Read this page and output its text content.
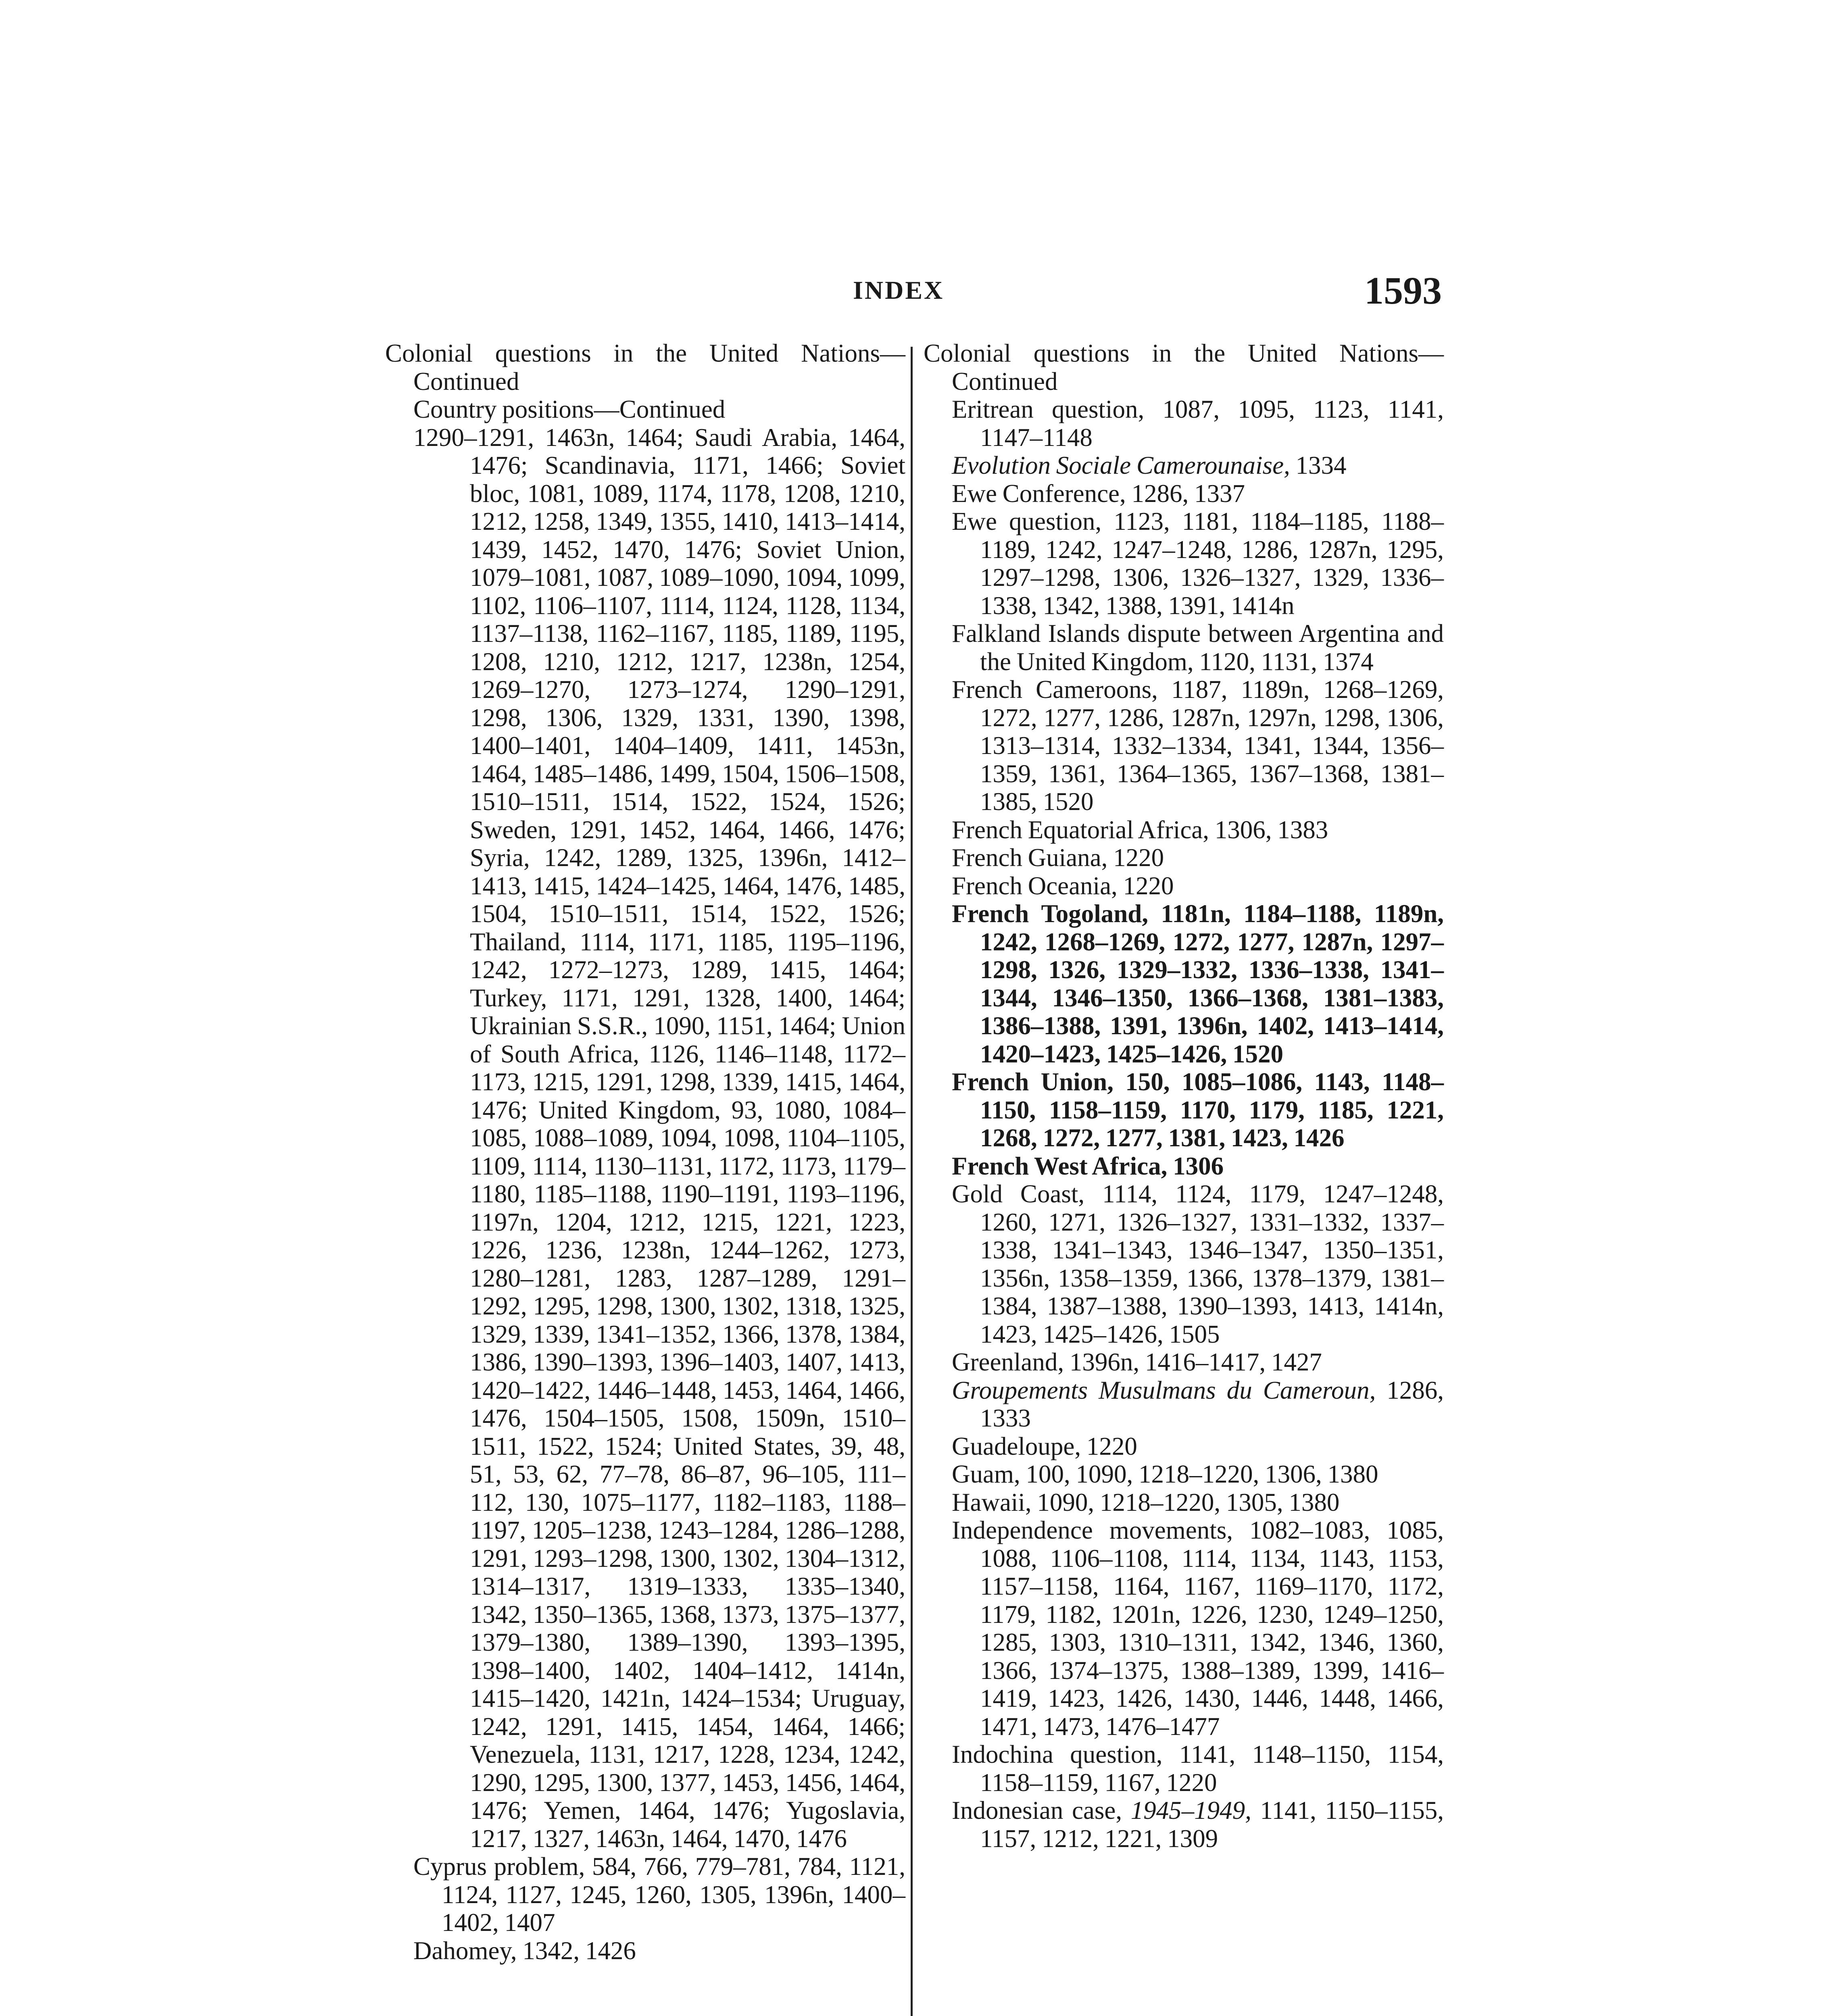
INDEX	1593

Colonial questions in the United Nations—Continued

Country positions—Continued

1290–1291, 1463n, 1464; Saudi Arabia, 1464, 1476; Scandinavia, 1171, 1466; Soviet bloc, 1081, 1089, 1174, 1178, 1208, 1210, 1212, 1258, 1349, 1355, 1410, 1413–1414, 1439, 1452, 1470, 1476; Soviet Union, 1079–1081, 1087, 1089–1090, 1094, 1099, 1102, 1106–1107, 1114, 1124, 1128, 1134, 1137–1138, 1162–1167, 1185, 1189, 1195, 1208, 1210, 1212, 1217, 1238n, 1254, 1269–1270, 1273–1274, 1290–1291, 1298, 1306, 1329, 1331, 1390, 1398, 1400–1401, 1404–1409, 1411, 1453n, 1464, 1485–1486, 1499, 1504, 1506–1508, 1510–1511, 1514, 1522, 1524, 1526; Sweden, 1291, 1452, 1464, 1466, 1476; Syria, 1242, 1289, 1325, 1396n, 1412–1413, 1415, 1424–1425, 1464, 1476, 1485, 1504, 1510–1511, 1514, 1522, 1526; Thailand, 1114, 1171, 1185, 1195–1196, 1242, 1272–1273, 1289, 1415, 1464; Turkey, 1171, 1291, 1328, 1400, 1464; Ukrainian S.S.R., 1090, 1151, 1464; Union of South Africa, 1126, 1146–1148, 1172–1173, 1215, 1291, 1298, 1339, 1415, 1464, 1476; United Kingdom, 93, 1080, 1084–1085, 1088–1089, 1094, 1098, 1104–1105, 1109, 1114, 1130–1131, 1172, 1173, 1179–1180, 1185–1188, 1190–1191, 1193–1196, 1197n, 1204, 1212, 1215, 1221, 1223, 1226, 1236, 1238n, 1244–1262, 1273, 1280–1281, 1283, 1287–1289, 1291–1292, 1295, 1298, 1300, 1302, 1318, 1325, 1329, 1339, 1341–1352, 1366, 1378, 1384, 1386, 1390–1393, 1396–1403, 1407, 1413, 1420–1422, 1446–1448, 1453, 1464, 1466, 1476, 1504–1505, 1508, 1509n, 1510–1511, 1522, 1524; United States, 39, 48, 51, 53, 62, 77–78, 86–87, 96–105, 111–112, 130, 1075–1177, 1182–1183, 1188–1197, 1205–1238, 1243–1284, 1286–1288, 1291, 1293–1298, 1300, 1302, 1304–1312, 1314–1317, 1319–1333, 1335–1340, 1342, 1350–1365, 1368, 1373, 1375–1377, 1379–1380, 1389–1390, 1393–1395, 1398–1400, 1402, 1404–1412, 1414n, 1415–1420, 1421n, 1424–1534; Uruguay, 1242, 1291, 1415, 1454, 1464, 1466; Venezuela, 1131, 1217, 1228, 1234, 1242, 1290, 1295, 1300, 1377, 1453, 1456, 1464, 1476; Yemen, 1464, 1476; Yugoslavia, 1217, 1327, 1463n, 1464, 1470, 1476

Cyprus problem, 584, 766, 779–781, 784, 1121, 1124, 1127, 1245, 1260, 1305, 1396n, 1400–1402, 1407

Dahomey, 1342, 1426

Colonial questions in the United Nations—Continued

Eritrean question, 1087, 1095, 1123, 1141, 1147–1148

Evolution Sociale Camerounaise, 1334

Ewe Conference, 1286, 1337

Ewe question, 1123, 1181, 1184–1185, 1188–1189, 1242, 1247–1248, 1286, 1287n, 1295, 1297–1298, 1306, 1326–1327, 1329, 1336–1338, 1342, 1388, 1391, 1414n

Falkland Islands dispute between Argentina and the United Kingdom, 1120, 1131, 1374

French Cameroons, 1187, 1189n, 1268–1269, 1272, 1277, 1286, 1287n, 1297n, 1298, 1306, 1313–1314, 1332–1334, 1341, 1344, 1356–1359, 1361, 1364–1365, 1367–1368, 1381–1385, 1520

French Equatorial Africa, 1306, 1383

French Guiana, 1220

French Oceania, 1220

French Togoland, 1181n, 1184–1188, 1189n, 1242, 1268–1269, 1272, 1277, 1287n, 1297–1298, 1326, 1329–1332, 1336–1338, 1341–1344, 1346–1350, 1366–1368, 1381–1383, 1386–1388, 1391, 1396n, 1402, 1413–1414, 1420–1423, 1425–1426, 1520

French Union, 150, 1085–1086, 1143, 1148–1150, 1158–1159, 1170, 1179, 1185, 1221, 1268, 1272, 1277, 1381, 1423, 1426

French West Africa, 1306

Gold Coast, 1114, 1124, 1179, 1247–1248, 1260, 1271, 1326–1327, 1331–1332, 1337–1338, 1341–1343, 1346–1347, 1350–1351, 1356n, 1358–1359, 1366, 1378–1379, 1381–1384, 1387–1388, 1390–1393, 1413, 1414n, 1423, 1425–1426, 1505

Greenland, 1396n, 1416–1417, 1427

Groupements Musulmans du Cameroun, 1286, 1333

Guadeloupe, 1220

Guam, 100, 1090, 1218–1220, 1306, 1380

Hawaii, 1090, 1218–1220, 1305, 1380

Independence movements, 1082–1083, 1085, 1088, 1106–1108, 1114, 1134, 1143, 1153, 1157–1158, 1164, 1167, 1169–1170, 1172, 1179, 1182, 1201n, 1226, 1230, 1249–1250, 1285, 1303, 1310–1311, 1342, 1346, 1360, 1366, 1374–1375, 1388–1389, 1399, 1416–1419, 1423, 1426, 1430, 1446, 1448, 1466, 1471, 1473, 1476–1477

Indochina question, 1141, 1148–1150, 1154, 1158–1159, 1167, 1220

Indonesian case, 1945–1949, 1141, 1150–1155, 1157, 1212, 1221, 1309
